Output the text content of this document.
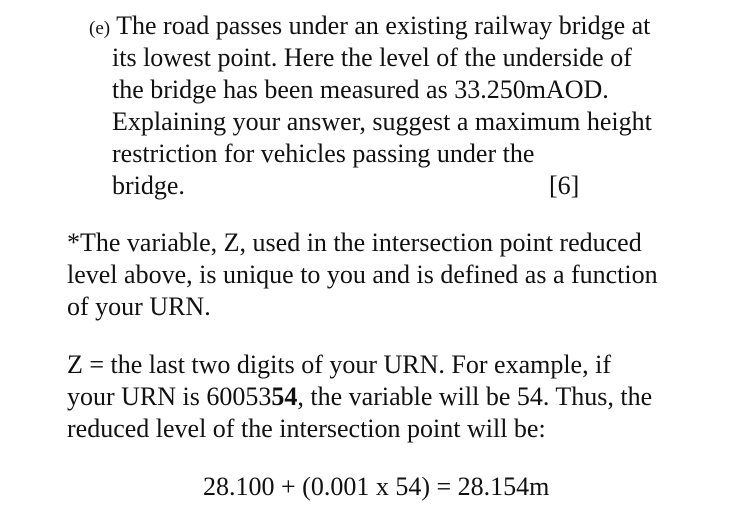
(e) The road passes under an existing railway bridge at
its lowest point. Here the level of the underside of
the bridge has been measured as 33.250mAOD.
Explaining your answer, suggest a maximum height
restriction for vehicles passing under the
bridge.	[6]
*The variable, Z, used in the intersection point reduced
level above, is unique to you and is defined as a function
of your URN.
Z = the last two digits of your URN. For example, if
your URN is 6005354, the variable will be 54. Thus, the
reduced level of the intersection point will be:
28.100 + (0.001 x 54) = 28.154m
